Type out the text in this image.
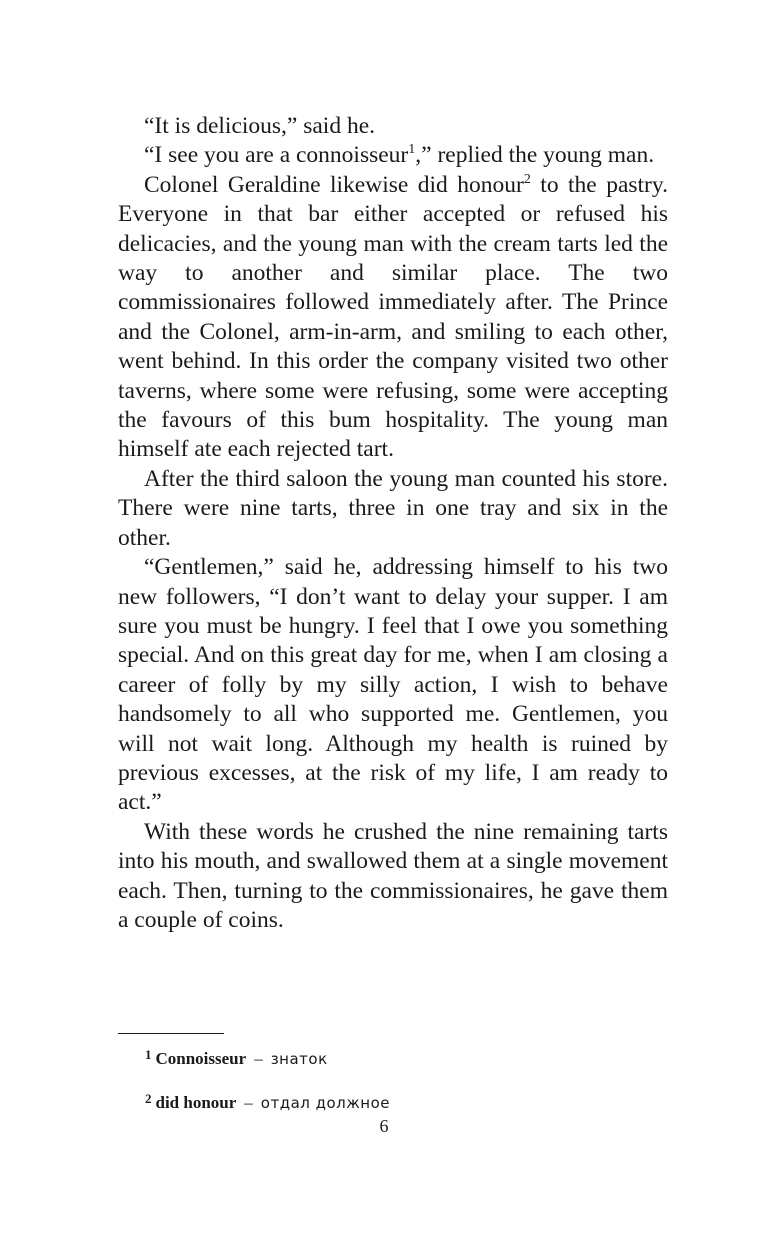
“It is delicious,” said he.

“I see you are a connoisseur$^1$,” replied the young man.

Colonel Geraldine likewise did honour$^2$ to the pastry. Everyone in that bar either accepted or refused his delicacies, and the young man with the cream tarts led the way to another and similar place. The two commissionaires followed immediately after. The Prince and the Colonel, arm-in-arm, and smiling to each other, went behind. In this order the company visited two other taverns, where some were refusing, some were accepting the favours of this bum hospitality. The young man himself ate each rejected tart.

After the third saloon the young man counted his store. There were nine tarts, three in one tray and six in the other.

“Gentlemen,” said he, addressing himself to his two new followers, “I don’t want to delay your supper. I am sure you must be hungry. I feel that I owe you something special. And on this great day for me, when I am closing a career of folly by my silly action, I wish to behave handsomely to all who supported me. Gentlemen, you will not wait long. Although my health is ruined by previous excesses, at the risk of my life, I am ready to act.”

With these words he crushed the nine remaining tarts into his mouth, and swallowed them at a single movement each. Then, turning to the commissionaires, he gave them a couple of coins.

$^1$ Connoisseur – знаток

$^2$ did honour – отдал должное

6
